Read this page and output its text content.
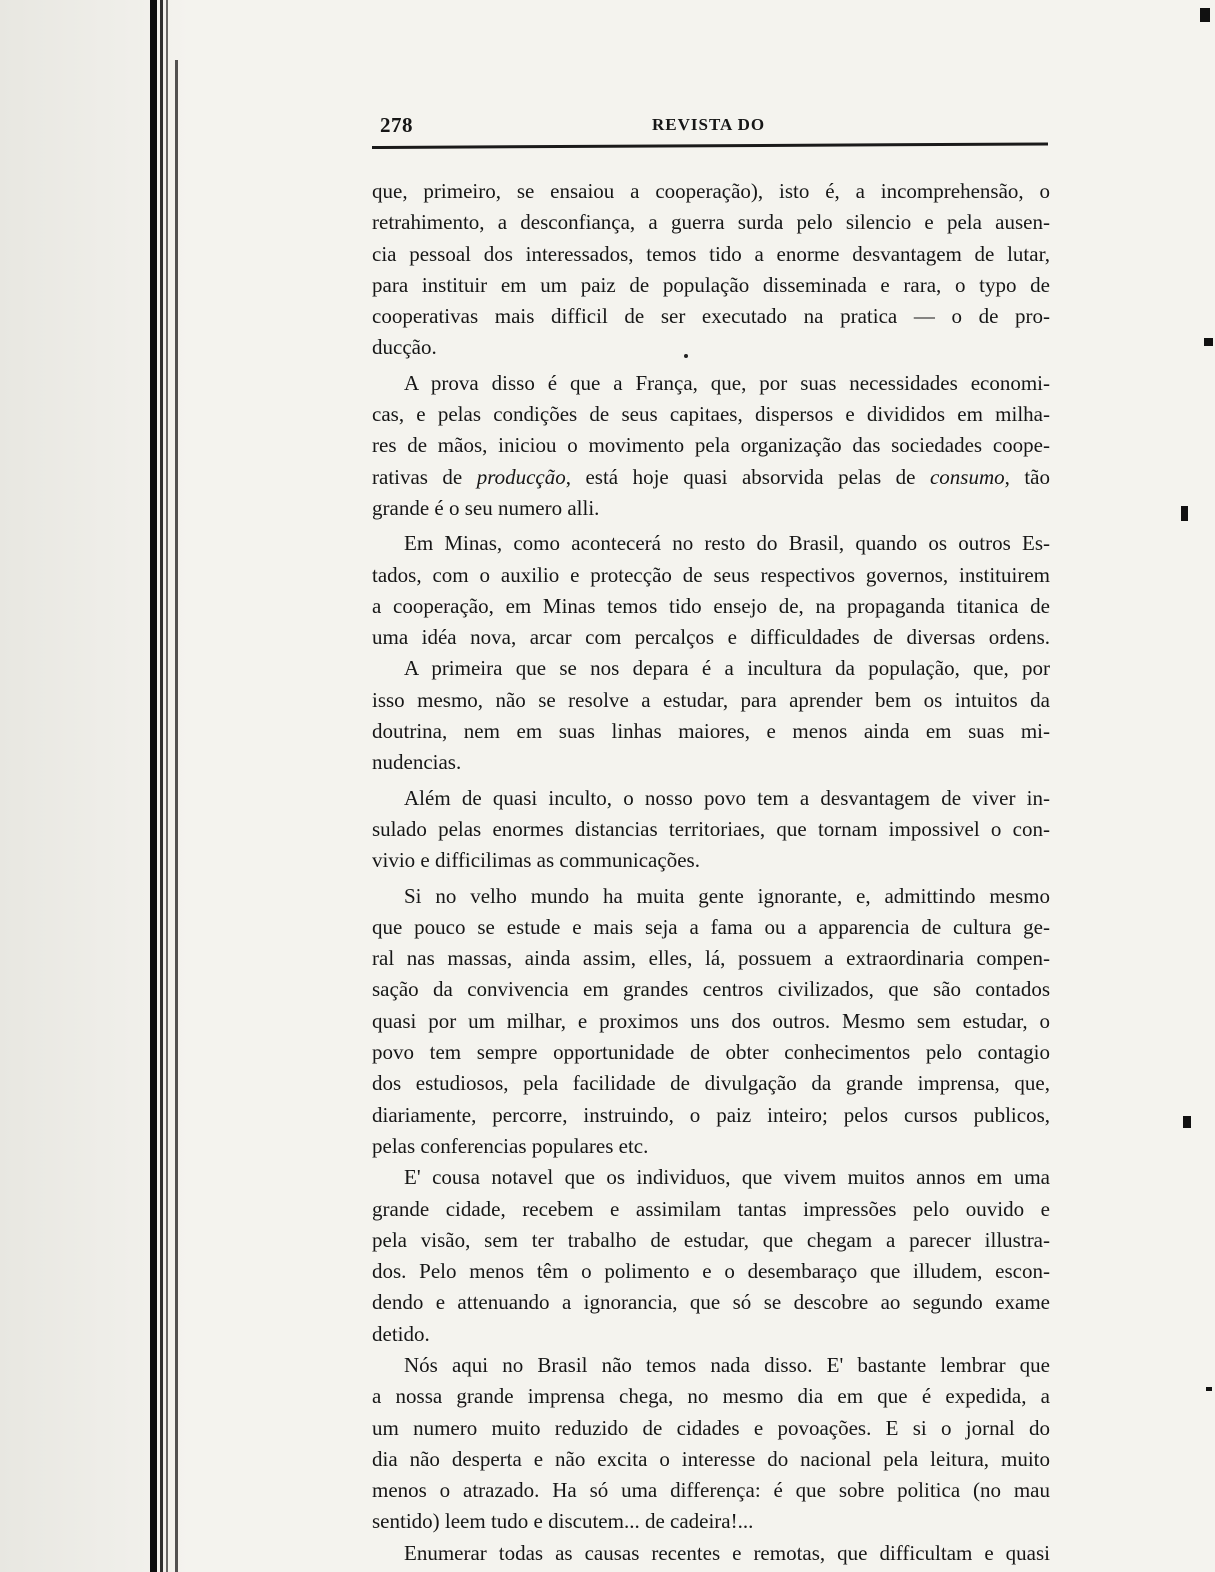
278	REVISTA DO
que, primeiro, se ensaiou a cooperação), isto é, a incomprehensão, o
retrahimento, a desconfiança, a guerra surda pelo silencio e pela ausen-
cia pessoal dos interessados, temos tido a enorme desvantagem de lutar,
para instituir em um paiz de população disseminada e rara, o typo de
cooperativas mais difficil de ser executado na pratica — o de pro-
ducção.
A prova disso é que a França, que, por suas necessidades economi-
cas, e pelas condições de seus capitaes, dispersos e divididos em milha-
res de mãos, iniciou o movimento pela organização das sociedades coope-
rativas de producção, está hoje quasi absorvida pelas de consumo, tão
grande é o seu numero alli.
Em Minas, como acontecerá no resto do Brasil, quando os outros Es-
tados, com o auxilio e protecção de seus respectivos governos, instituirem
a cooperação, em Minas temos tido ensejo de, na propaganda titanica de
uma idéa nova, arcar com percalços e difficuldades de diversas ordens.
A primeira que se nos depara é a incultura da população, que, por
isso mesmo, não se resolve a estudar, para aprender bem os intuitos da
doutrina, nem em suas linhas maiores, e menos ainda em suas mi-
nudencias.
Além de quasi inculto, o nosso povo tem a desvantagem de viver in-
sulado pelas enormes distancias territoriaes, que tornam impossivel o con-
vivio e difficilimas as communicações.
Si no velho mundo ha muita gente ignorante, e, admittindo mesmo
que pouco se estude e mais seja a fama ou a apparencia de cultura ge-
ral nas massas, ainda assim, elles, lá, possuem a extraordinaria compen-
sação da convivencia em grandes centros civilizados, que são contados
quasi por um milhar, e proximos uns dos outros. Mesmo sem estudar, o
povo tem sempre opportunidade de obter conhecimentos pelo contagio
dos estudiosos, pela facilidade de divulgação da grande imprensa, que,
diariamente, percorre, instruindo, o paiz inteiro; pelos cursos publicos,
pelas conferencias populares etc.
E' cousa notavel que os individuos, que vivem muitos annos em uma
grande cidade, recebem e assimilam tantas impressões pelo ouvido e
pela visão, sem ter trabalho de estudar, que chegam a parecer illustra-
dos. Pelo menos têm o polimento e o desembaraço que illudem, escon-
dendo e attenuando a ignorancia, que só se descobre ao segundo exame
detido.
Nós aqui no Brasil não temos nada disso. E' bastante lembrar que
a nossa grande imprensa chega, no mesmo dia em que é expedida, a
um numero muito reduzido de cidades e povoações. E si o jornal do
dia não desperta e não excita o interesse do nacional pela leitura, muito
menos o atrazado. Ha só uma differença: é que sobre politica (no mau
sentido) leem tudo e discutem... de cadeira!...
Enumerar todas as causas recentes e remotas, que difficultam e quasi
